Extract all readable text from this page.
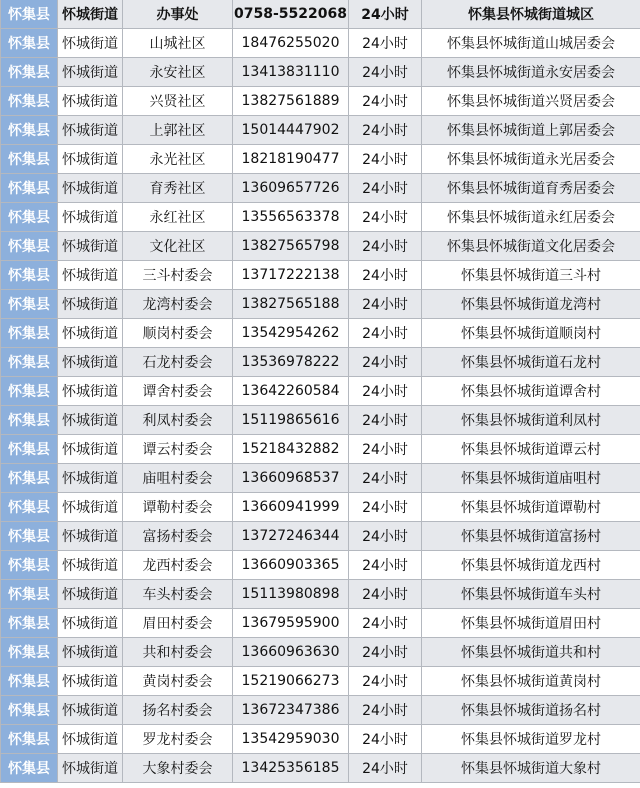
怀集县	怀城街道	办事处	0758-5522068	24小时	怀集县怀城街道城区
怀集县	怀城街道	山城社区	18476255020	24小时	怀集县怀城街道山城居委会
怀集县	怀城街道	永安社区	13413831110	24小时	怀集县怀城街道永安居委会
怀集县	怀城街道	兴贤社区	13827561889	24小时	怀集县怀城街道兴贤居委会
怀集县	怀城街道	上郭社区	15014447902	24小时	怀集县怀城街道上郭居委会
怀集县	怀城街道	永光社区	18218190477	24小时	怀集县怀城街道永光居委会
怀集县	怀城街道	育秀社区	13609657726	24小时	怀集县怀城街道育秀居委会
怀集县	怀城街道	永红社区	13556563378	24小时	怀集县怀城街道永红居委会
怀集县	怀城街道	文化社区	13827565798	24小时	怀集县怀城街道文化居委会
怀集县	怀城街道	三斗村委会	13717222138	24小时	怀集县怀城街道三斗村
怀集县	怀城街道	龙湾村委会	13827565188	24小时	怀集县怀城街道龙湾村
怀集县	怀城街道	顺岗村委会	13542954262	24小时	怀集县怀城街道顺岗村
怀集县	怀城街道	石龙村委会	13536978222	24小时	怀集县怀城街道石龙村
怀集县	怀城街道	谭舍村委会	13642260584	24小时	怀集县怀城街道谭舍村
怀集县	怀城街道	利凤村委会	15119865616	24小时	怀集县怀城街道利凤村
怀集县	怀城街道	谭云村委会	15218432882	24小时	怀集县怀城街道谭云村
怀集县	怀城街道	庙咀村委会	13660968537	24小时	怀集县怀城街道庙咀村
怀集县	怀城街道	谭勒村委会	13660941999	24小时	怀集县怀城街道谭勒村
怀集县	怀城街道	富扬村委会	13727246344	24小时	怀集县怀城街道富扬村
怀集县	怀城街道	龙西村委会	13660903365	24小时	怀集县怀城街道龙西村
怀集县	怀城街道	车头村委会	15113980898	24小时	怀集县怀城街道车头村
怀集县	怀城街道	眉田村委会	13679595900	24小时	怀集县怀城街道眉田村
怀集县	怀城街道	共和村委会	13660963630	24小时	怀集县怀城街道共和村
怀集县	怀城街道	黄岗村委会	15219066273	24小时	怀集县怀城街道黄岗村
怀集县	怀城街道	扬名村委会	13672347386	24小时	怀集县怀城街道扬名村
怀集县	怀城街道	罗龙村委会	13542959030	24小时	怀集县怀城街道罗龙村
怀集县	怀城街道	大象村委会	13425356185	24小时	怀集县怀城街道大象村
